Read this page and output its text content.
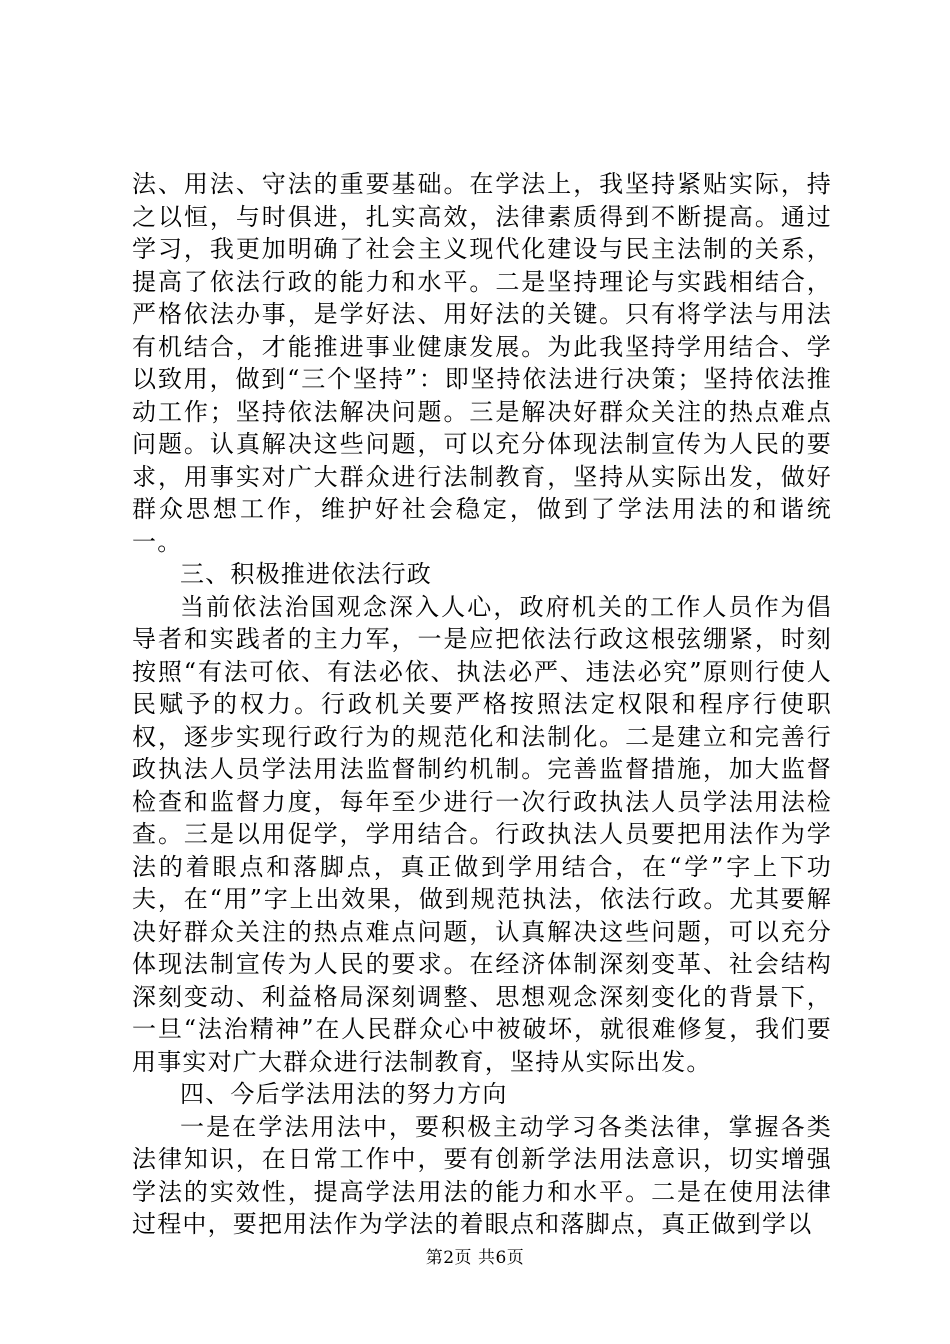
法、用法、守法的重要基础。在学法上，我坚持紧贴实际，持之以恒，与时俱进，扎实高效，法律素质得到不断提高。通过学习，我更加明确了社会主义现代化建设与民主法制的关系，提高了依法行政的能力和水平。二是坚持理论与实践相结合，严格依法办事，是学好法、用好法的关键。只有将学法与用法有机结合，才能推进事业健康发展。为此我坚持学用结合、学以致用，做到“三个坚持”：即坚持依法进行决策；坚持依法推动工作；坚持依法解决问题。三是解决好群众关注的热点难点问题。认真解决这些问题，可以充分体现法制宣传为人民的要求，用事实对广大群众进行法制教育，坚持从实际出发，做好群众思想工作，维护好社会稳定，做到了学法用法的和谐统一。

三、积极推进依法行政

当前依法治国观念深入人心，政府机关的工作人员作为倡导者和实践者的主力军，一是应把依法行政这根弦绷紧，时刻按照“有法可依、有法必依、执法必严、违法必究”原则行使人民赋予的权力。行政机关要严格按照法定权限和程序行使职权，逐步实现行政行为的规范化和法制化。二是建立和完善行政执法人员学法用法监督制约机制。完善监督措施，加大监督检查和监督力度，每年至少进行一次行政执法人员学法用法检查。三是以用促学，学用结合。行政执法人员要把用法作为学法的着眼点和落脚点，真正做到学用结合，在“学”字上下功夫，在“用”字上出效果，做到规范执法，依法行政。尤其要解决好群众关注的热点难点问题，认真解决这些问题，可以充分体现法制宣传为人民的要求。在经济体制深刻变革、社会结构深刻变动、利益格局深刻调整、思想观念深刻变化的背景下，一旦“法治精神”在人民群众心中被破坏，就很难修复，我们要用事实对广大群众进行法制教育，坚持从实际出发。

四、今后学法用法的努力方向

一是在学法用法中，要积极主动学习各类法律，掌握各类法律知识，在日常工作中，要有创新学法用法意识，切实增强学法的实效性，提高学法用法的能力和水平。二是在使用法律过程中，要把用法作为学法的着眼点和落脚点，真正做到学以

第2页 共6页
